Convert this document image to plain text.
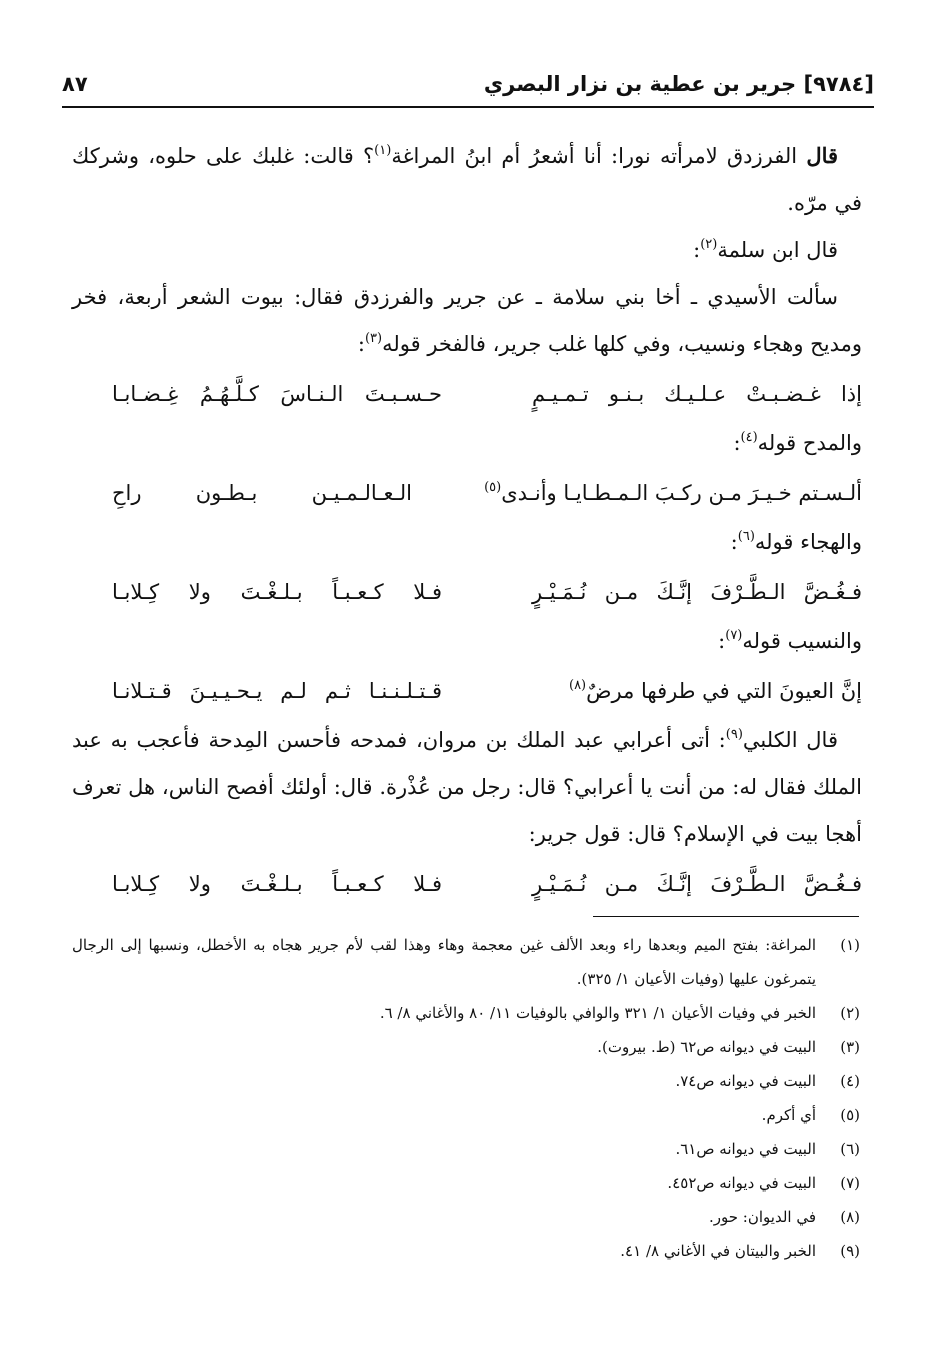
[٩٧٨٤] جرير بن عطية بن نزار البصري
٨٧

قال الفرزدق لامرأته نورا: أنا أشعرُ أم ابنُ المراغة$^{(١)}$؟ قالت: غلبك على حلوه، وشركك في مرّه.

قال ابن سلمة$^{(٢)}$:

سألت الأسيدي ـ أخا بني سلامة ـ عن جرير والفرزدق فقال: بيوت الشعر أربعة، فخر ومديح وهجاء ونسيب، وفي كلها غلب جرير، فالفخر قوله$^{(٣)}$:

إذا غـضـبـتْ عـلـيـك بـنـو تـمـيـمٍ
حـسـبـتَ الـنـاسَ كـلَّـهُـمُ غِـضـابـا
والمدح قوله$^{(٤)}$:
ألـسـتم خـيـرَ مـن ركـبَ الـمـطـايـا وأنـدى$^{(٥)}$
الـعـالـمـيـن بـطـون راحِ
والهجاء قوله$^{(٦)}$:
فـغُـضَّ الـطَّـرْفَ إنَّـكَ مـن نُـمَـيْـرٍ
فـلا كـعـبـاً بـلـغْـتَ ولا كِـلابـا
والنسيب قوله$^{(٧)}$:
إنَّ العيونَ التي في طرفها مرضٌ$^{(٨)}$
قـتـلـنـنـا ثـم لـم يـحـيـيـنَ قـتـلانـا

قال الكلبي$^{(٩)}$: أتى أعرابي عبد الملك بن مروان، فمدحه فأحسن المِدحة فأعجب به عبد الملك فقال له: من أنت يا أعرابي؟ قال: رجل من عُذْرة. قال: أولئك أفصح الناس، هل تعرف أهجا بيت في الإسلام؟ قال: قول جرير:

فـغُـضَّ الـطَّـرْفَ إنَّـكَ مـن نُـمَـيْـرٍ
فـلا كـعـبـاً بـلـغْـتَ ولا كِـلابـا
(١)
المراغة: بفتح الميم وبعدها راء وبعد الألف غين معجمة وهاء وهذا لقب لأم جرير هجاه به الأخطل، ونسبها إلى الرجال يتمرغون عليها (وفيات الأعيان ١/ ٣٢٥).
(٢)
الخبر في وفيات الأعيان ١/ ٣٢١ والوافي بالوفيات ١١/ ٨٠ والأغاني ٨/ ٦.
(٣)
البيت في ديوانه ص٦٢ (ط. بيروت).
(٤)
البيت في ديوانه ص٧٤.
(٥)
أي أكرم.
(٦)
البيت في ديوانه ص٦١.
(٧)
البيت في ديوانه ص٤٥٢.
(٨)
في الديوان: حور.
(٩)
الخبر والبيتان في الأغاني ٨/ ٤١.
